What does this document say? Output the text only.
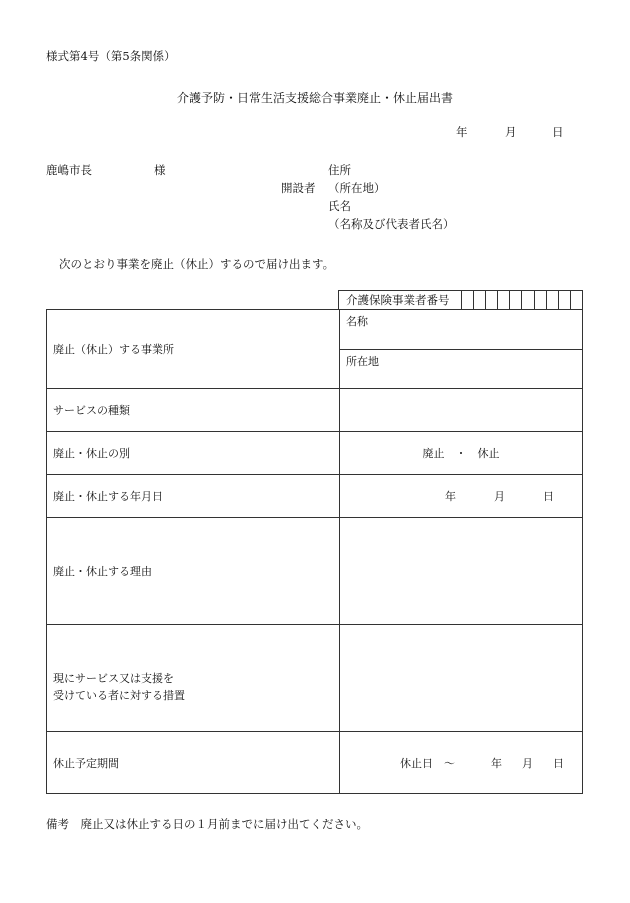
様式第4号（第5条関係）
介護予防・日常生活支援総合事業廃止・休止届出書
年	月	日
鹿嶋市長	様
開設者
住所
（所在地）
氏名
（名称及び代表者氏名）
次のとおり事業を廃止（休止）するので届け出ます。
介護保険事業者番号
廃止（休止）する事業所	名称
所在地

サービスの種類	
廃止・休止の別	廃止　・　休止
廃止・休止する年月日	年 月 日

廃止・休止する理由	

現にサービス又は支援を
受けている者に対する措置	

休止予定期間	休止日　〜 年 月 日
備考　廃止又は休止する日の１月前までに届け出てください。
